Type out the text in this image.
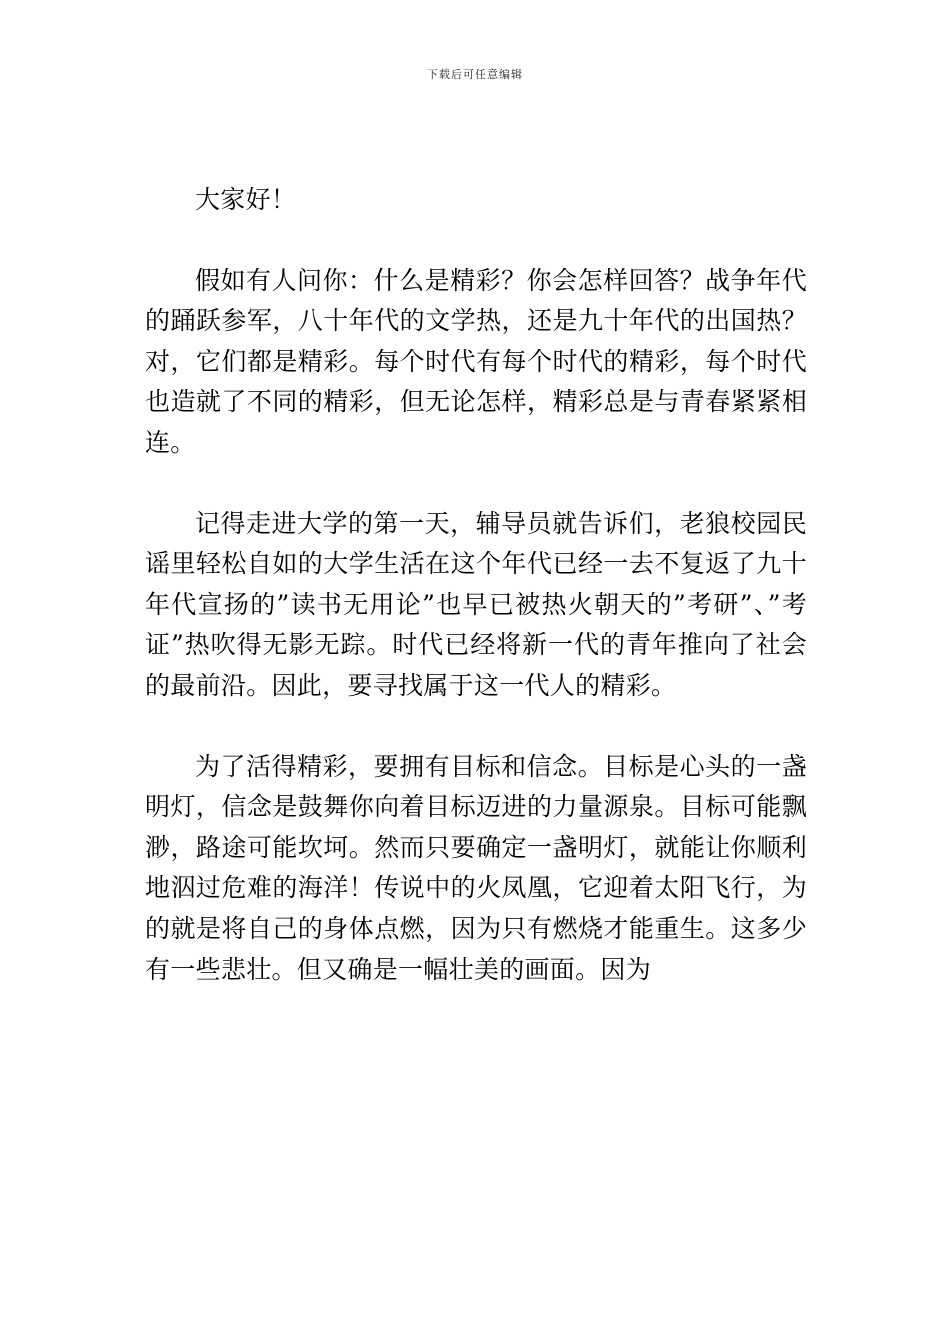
下载后可任意编辑

大家好！

假如有人问你：什么是精彩？你会怎样回答？战争年代的踊跃参军，八十年代的文学热，还是九十年代的出国热？对，它们都是精彩。每个时代有每个时代的精彩，每个时代也造就了不同的精彩，但无论怎样，精彩总是与青春紧紧相连。

记得走进大学的第一天，辅导员就告诉们，老狼校园民谣里轻松自如的大学生活在这个年代已经一去不复返了九十年代宣扬的”读书无用论”也早已被热火朝天的”考研”、”考证”热吹得无影无踪。时代已经将新一代的青年推向了社会的最前沿。因此，要寻找属于这一代人的精彩。

为了活得精彩，要拥有目标和信念。目标是心头的一盏明灯，信念是鼓舞你向着目标迈进的力量源泉。目标可能飘渺，路途可能坎坷。然而只要确定一盏明灯，就能让你顺利地泅过危难的海洋！传说中的火凤凰，它迎着太阳飞行，为的就是将自己的身体点燃，因为只有燃烧才能重生。这多少有一些悲壮。但又确是一幅壮美的画面。因为
